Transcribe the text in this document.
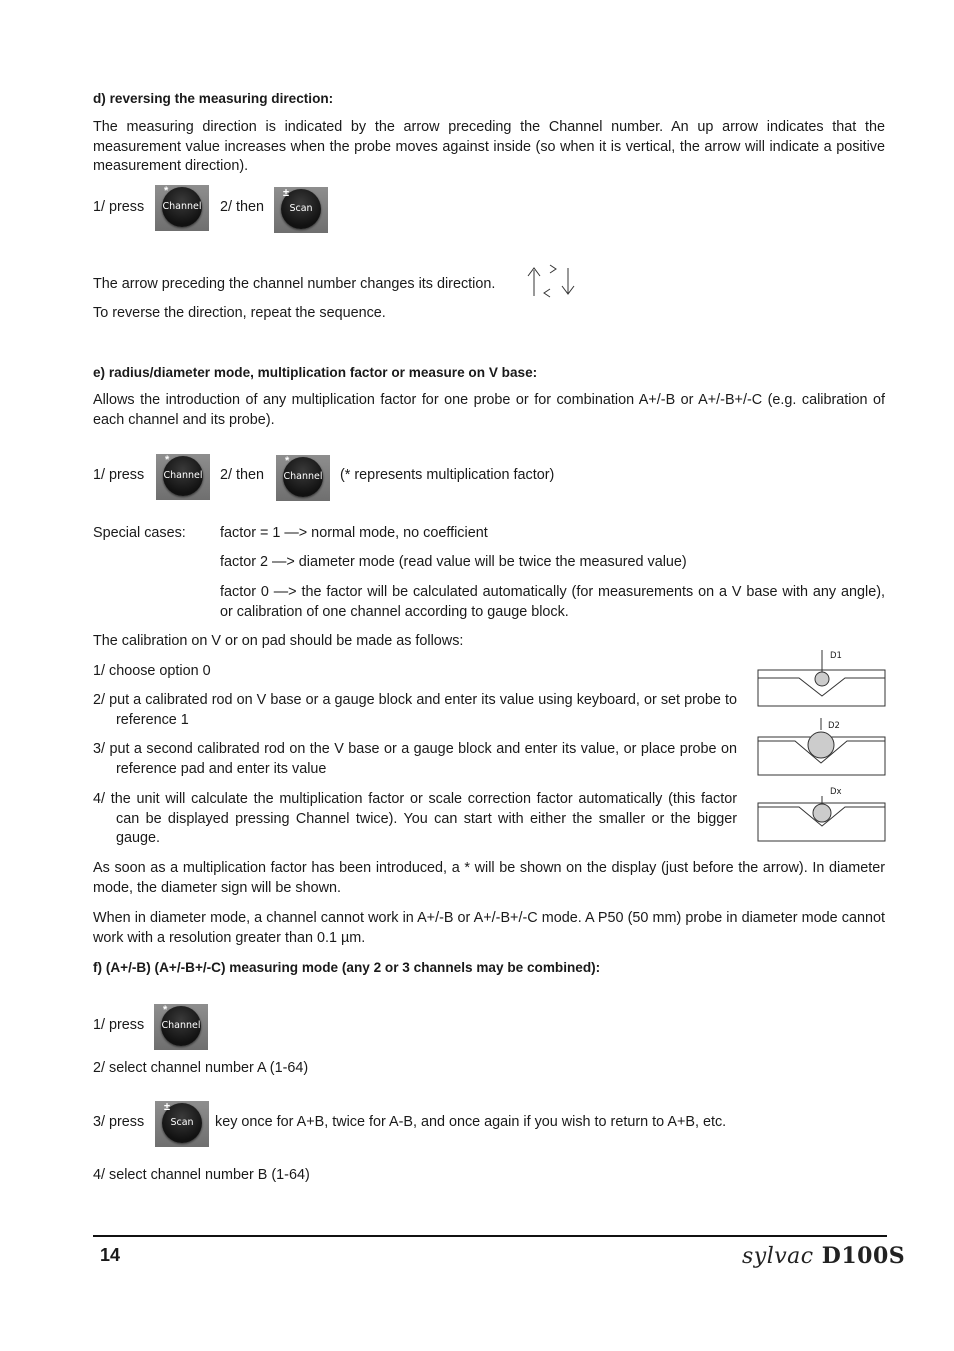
d) reversing the measuring direction:
The measuring direction is indicated by the arrow preceding the Channel number. An up arrow indicates that the measurement value increases when the probe moves against inside (so when it is vertical, the arrow will indicate a positive measurement direction).
1/ press
*
Channel 2/ then
±
Scan
The arrow preceding the channel number changes its direction.
To reverse the direction, repeat the sequence.
e) radius/diameter mode, multiplication factor or measure on V base:
Allows the introduction of any multiplication factor for one probe or for combination A+/-B or A+/-B+/-C (e.g. calibration of each channel and its probe).
1/ press
*
Channel 2/ then
*
Channel (* represents multiplication factor)
Special cases: factor = 1 —> normal mode, no coefficient
factor 2 —> diameter mode (read value will be twice the measured value)
factor 0 —> the factor will be calculated automatically (for measurements on a V base with any angle), or calibration of one channel according to gauge block.
The calibration on V or on pad should be made as follows:
1/ choose option 0
2/ put a calibrated rod on V base or a gauge block and enter its value using keyboard, or set probe to reference 1
3/ put a second calibrated rod on the V base or a gauge block and enter its value, or place probe on reference pad and enter its value
4/ the unit will calculate the multiplication factor or scale correction factor automatically (this factor can be displayed pressing Channel twice). You can start with either the smaller or the bigger gauge.
D1
D2
Dx
As soon as a multiplication factor has been introduced, a * will be shown on the display (just before the arrow). In diameter mode, the diameter sign will be shown.
When in diameter mode, a channel cannot work in A+/-B or A+/-B+/-C mode. A P50 (50 mm) probe in diameter mode cannot work with a resolution greater than 0.1 µm.
f) (A+/-B) (A+/-B+/-C) measuring mode (any 2 or 3 channels may be combined):
1/ press
*
Channel
2/ select channel number A (1-64)
3/ press
±
Scan	key once for A+B, twice for A-B, and once again if you wish to return to A+B, etc.
4/ select channel number B (1-64)
14	sylvac D100S
